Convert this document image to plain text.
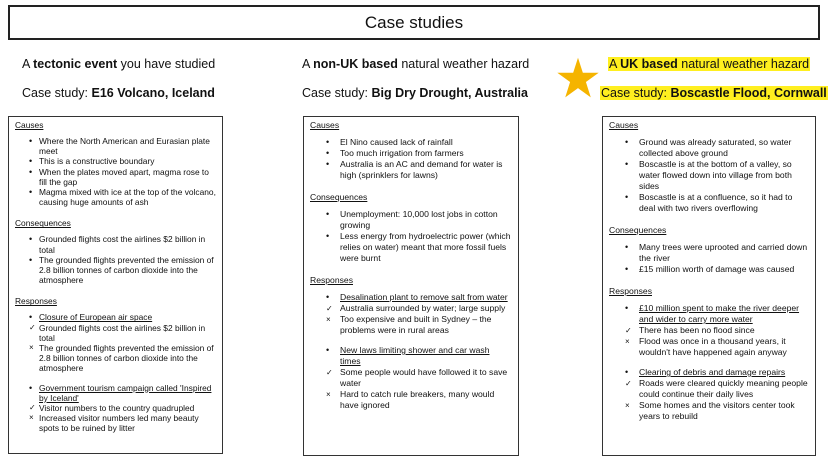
Case studies
A tectonic event you have studied
Case study: E16 Volcano, Iceland
A non-UK based natural weather hazard
Case study: Big Dry Drought, Australia
A UK based natural weather hazard
Case study: Boscastle Flood, Cornwall
Causes
• Where the North American and Eurasian plate meet
• This is a constructive boundary
• When the plates moved apart, magma rose to fill the gap
• Magma mixed with ice at the top of the volcano, causing huge amounts of ash
Consequences
• Grounded flights cost the airlines $2 billion in total
• The grounded flights prevented the emission of 2.8 billion tonnes of carbon dioxide into the atmosphere
Responses
• Closure of European air space
✓ Grounded flights cost the airlines $2 billion in total
× The grounded flights prevented the emission of 2.8 billion tonnes of carbon dioxide into the atmosphere
• Government tourism campaign called 'Inspired by Iceland'
✓ Visitor numbers to the country quadrupled
× Increased visitor numbers led many beauty spots to be ruined by litter
Causes
•	El Nino caused lack of rainfall
•	Too much irrigation from farmers
•	Australia is an AC and demand for water is high (sprinklers for lawns)
Consequences
•	Unemployment: 10,000 lost jobs in cotton growing
•	Less energy from hydroelectric power (which relies on water) meant that more fossil fuels were burnt
Responses
•	Desalination plant to remove salt from water
✓ Australia surrounded by water; large supply
×	Too expensive and built in Sydney – the problems were in rural areas
•	New laws limiting shower and car wash times
✓ Some people would have followed it to save water
×	Hard to catch rule breakers, many would have ignored
Causes
•	Ground was already saturated, so water collected above ground
•	Boscastle is at the bottom of a valley, so water flowed down into village from both sides
•	Boscastle is at a confluence, so it had to deal with two rivers overflowing
Consequences
•	Many trees were uprooted and carried down the river
•	£15 million worth of damage was caused
Responses
•	£10 million spent to make the river deeper and wider to carry more water
✓ There has been no flood since
×	Flood was once in a thousand years, it wouldn't have happened again anyway
•	Clearing of debris and damage repairs
✓ Roads were cleared quickly meaning people could continue their daily lives
×	Some homes and the visitors center took years to rebuild
